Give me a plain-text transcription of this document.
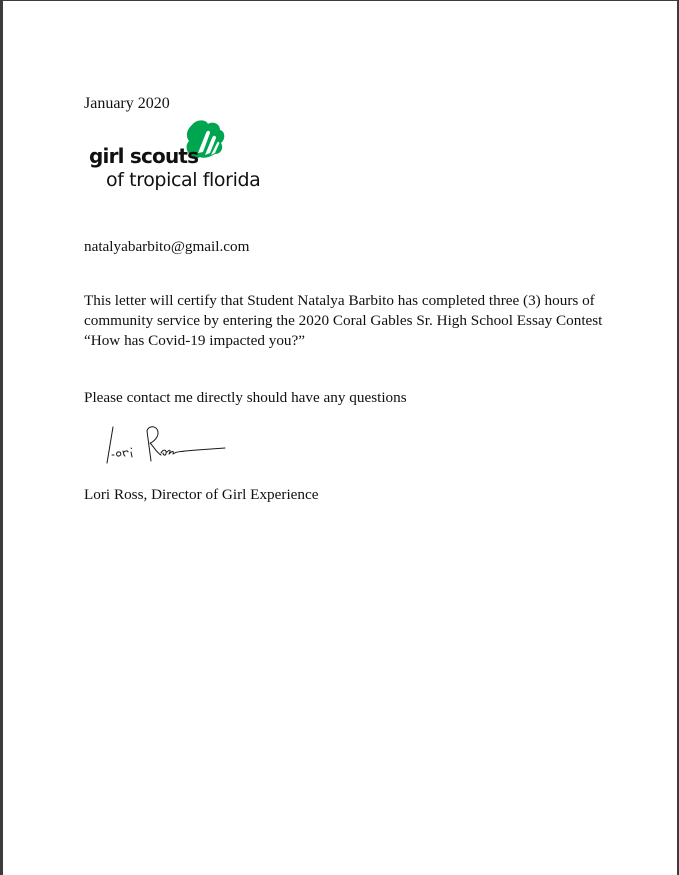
January 2020

girl scouts
of tropical florida

natalyabarbito@gmail.com

This letter will certify that Student Natalya Barbito has completed three (3) hours of community service by entering the 2020 Coral Gables Sr. High School Essay Contest “How has Covid-19 impacted you?”

Please contact me directly should have any questions

Lori Ross, Director of Girl Experience
